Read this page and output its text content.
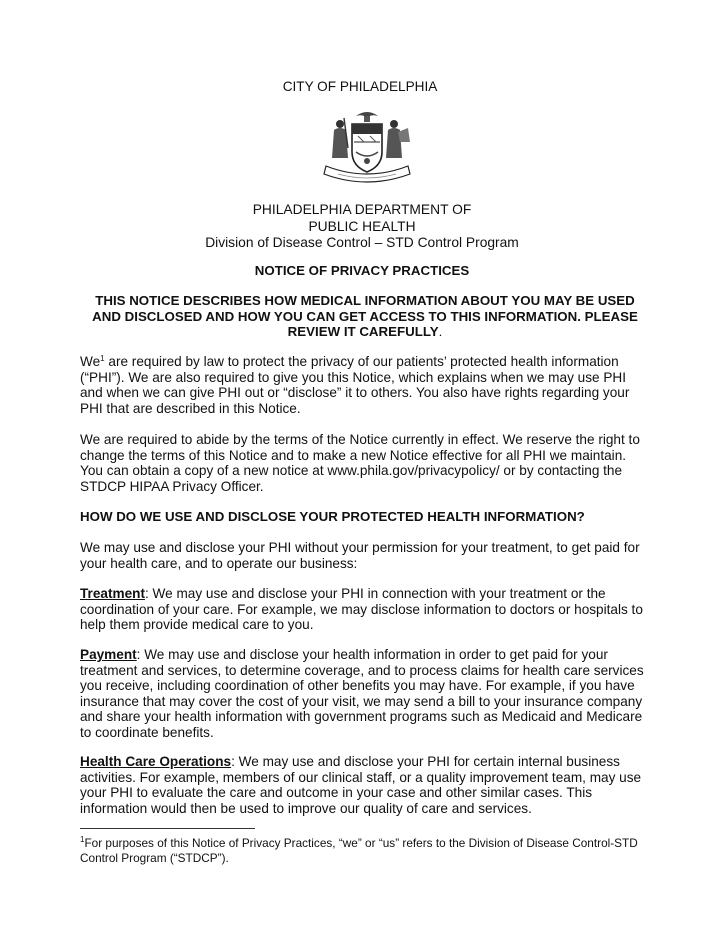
CITY OF PHILADELPHIA
PHILADELPHIA DEPARTMENT OF
PUBLIC HEALTH
Division of Disease Control – STD Control Program
NOTICE OF PRIVACY PRACTICES
THIS NOTICE DESCRIBES HOW MEDICAL INFORMATION ABOUT YOU MAY BE USED AND DISCLOSED AND HOW YOU CAN GET ACCESS TO THIS INFORMATION. PLEASE REVIEW IT CAREFULLY.

We$^1$ are required by law to protect the privacy of our patients’ protected health information (“PHI”). We are also required to give you this Notice, which explains when we may use PHI and when we can give PHI out or “disclose” it to others. You also have rights regarding your PHI that are described in this Notice.

We are required to abide by the terms of the Notice currently in effect. We reserve the right to change the terms of this Notice and to make a new Notice effective for all PHI we maintain. You can obtain a copy of a new notice at www.phila.gov/privacypolicy/ or by contacting the STDCP HIPAA Privacy Officer.

HOW DO WE USE AND DISCLOSE YOUR PROTECTED HEALTH INFORMATION?

We may use and disclose your PHI without your permission for your treatment, to get paid for your health care, and to operate our business:

Treatment: We may use and disclose your PHI in connection with your treatment or the coordination of your care. For example, we may disclose information to doctors or hospitals to help them provide medical care to you.

Payment: We may use and disclose your health information in order to get paid for your treatment and services, to determine coverage, and to process claims for health care services you receive, including coordination of other benefits you may have. For example, if you have insurance that may cover the cost of your visit, we may send a bill to your insurance company and share your health information with government programs such as Medicaid and Medicare to coordinate benefits.

Health Care Operations: We may use and disclose your PHI for certain internal business activities. For example, members of our clinical staff, or a quality improvement team, may use your PHI to evaluate the care and outcome in your case and other similar cases. This information would then be used to improve our quality of care and services.

$^1$For purposes of this Notice of Privacy Practices, “we” or “us” refers to the Division of Disease Control-STD Control Program (“STDCP”).
